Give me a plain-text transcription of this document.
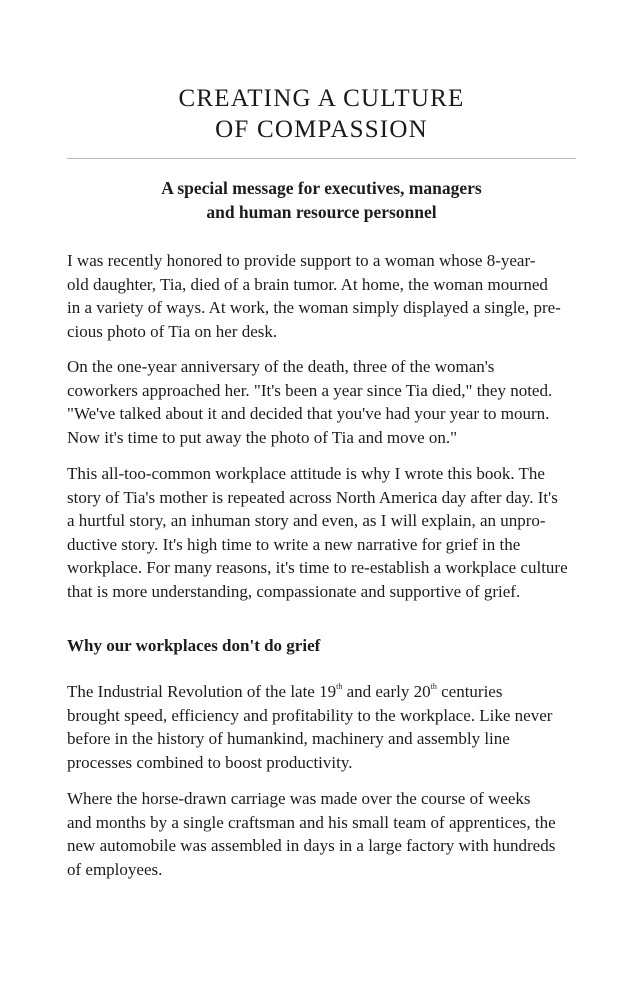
CREATING A CULTURE
OF COMPASSION
A special message for executives, managers
and human resource personnel
I was recently honored to provide support to a woman whose 8-year-
old daughter, Tia, died of a brain tumor. At home, the woman mourned
in a variety of ways. At work, the woman simply displayed a single, pre-
cious photo of Tia on her desk.
On the one-year anniversary of the death, three of the woman's
coworkers approached her. "It's been a year since Tia died," they noted.
"We've talked about it and decided that you've had your year to mourn.
Now it's time to put away the photo of Tia and move on."
This all-too-common workplace attitude is why I wrote this book. The
story of Tia's mother is repeated across North America day after day. It's
a hurtful story, an inhuman story and even, as I will explain, an unpro-
ductive story. It's high time to write a new narrative for grief in the
workplace. For many reasons, it's time to re-establish a workplace culture
that is more understanding, compassionate and supportive of grief.
Why our workplaces don't do grief
The Industrial Revolution of the late 19th and early 20th centuries
brought speed, efficiency and profitability to the workplace. Like never
before in the history of humankind, machinery and assembly line
processes combined to boost productivity.
Where the horse-drawn carriage was made over the course of weeks
and months by a single craftsman and his small team of apprentices, the
new automobile was assembled in days in a large factory with hundreds
of employees.
